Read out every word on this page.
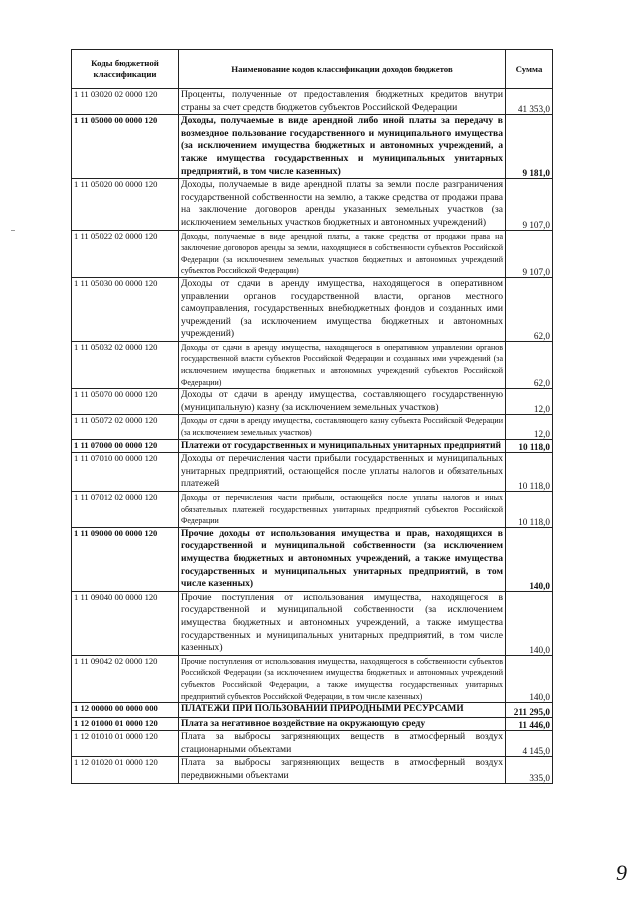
Коды бюджетной классификации	Наименование кодов классификации доходов бюджетов	Сумма
1 11 03020 02 0000 120	Проценты, полученные от предоставления бюджетных кредитов внутри страны за счет средств бюджетов субъектов Российской Федерации	41 353,0
1 11 05000 00 0000 120	Доходы, получаемые в виде арендной либо иной платы за передачу в возмездное пользование государственного и муниципального имущества (за исключением имущества бюджетных и автономных учреждений, а также имущества государственных и муниципальных унитарных предприятий, в том числе казенных)	9 181,0
1 11 05020 00 0000 120	Доходы, получаемые в виде арендной платы за земли после разграничения государственной собственности на землю, а также средства от продажи права на заключение договоров аренды указанных земельных участков (за исключением земельных участков бюджетных и автономных учреждений)	9 107,0
1 11 05022 02 0000 120	Доходы, получаемые в виде арендной платы, а также средства от продажи права на заключение договоров аренды за земли, находящиеся в собственности субъектов Российской Федерации (за исключением земельных участков бюджетных и автономных учреждений субъектов Российской Федерации)	9 107,0
1 11 05030 00 0000 120	Доходы от сдачи в аренду имущества, находящегося в оперативном управлении органов государственной власти, органов местного самоуправления, государственных внебюджетных фондов и созданных ими учреждений (за исключением имущества бюджетных и автономных учреждений)	62,0
1 11 05032 02 0000 120	Доходы от сдачи в аренду имущества, находящегося в оперативном управлении органов государственной власти субъектов Российской Федерации и созданных ими учреждений (за исключением имущества бюджетных и автономных учреждений субъектов Российской Федерации)	62,0
1 11 05070 00 0000 120	Доходы от сдачи в аренду имущества, составляющего государственную (муниципальную) казну (за исключением земельных участков)	12,0
1 11 05072 02 0000 120	Доходы от сдачи в аренду имущества, составляющего казну субъекта Российской Федерации (за исключением земельных участков)	12,0
1 11 07000 00 0000 120	Платежи от государственных и муниципальных унитарных предприятий	10 118,0
1 11 07010 00 0000 120	Доходы от перечисления части прибыли государственных и муниципальных унитарных предприятий, остающейся после уплаты налогов и обязательных платежей	10 118,0
1 11 07012 02 0000 120	Доходы от перечисления части прибыли, остающейся после уплаты налогов и иных обязательных платежей государственных унитарных предприятий субъектов Российской Федерации	10 118,0
1 11 09000 00 0000 120	Прочие доходы от использования имущества и прав, находящихся в государственной и муниципальной собственности (за исключением имущества бюджетных и автономных учреждений, а также имущества государственных и муниципальных унитарных предприятий, в том числе казенных)	140,0
1 11 09040 00 0000 120	Прочие поступления от использования имущества, находящегося в государственной и муниципальной собственности (за исключением имущества бюджетных и автономных учреждений, а также имущества государственных и муниципальных унитарных предприятий, в том числе казенных)	140,0
1 11 09042 02 0000 120	Прочие поступления от использования имущества, находящегося в собственности субъектов Российской Федерации (за исключением имущества бюджетных и автономных учреждений субъектов Российской Федерации, а также имущества государственных унитарных предприятий субъектов Российской Федерации, в том числе казенных)	140,0
1 12 00000 00 0000 000	ПЛАТЕЖИ ПРИ ПОЛЬЗОВАНИИ ПРИРОДНЫМИ РЕСУРСАМИ	211 295,0
1 12 01000 01 0000 120	Плата за негативное воздействие на окружающую среду	11 446,0
1 12 01010 01 0000 120	Плата за выбросы загрязняющих веществ в атмосферный воздух стационарными объектами	4 145,0
1 12 01020 01 0000 120	Плата за выбросы загрязняющих веществ в атмосферный воздух передвижными объектами	335,0
9
